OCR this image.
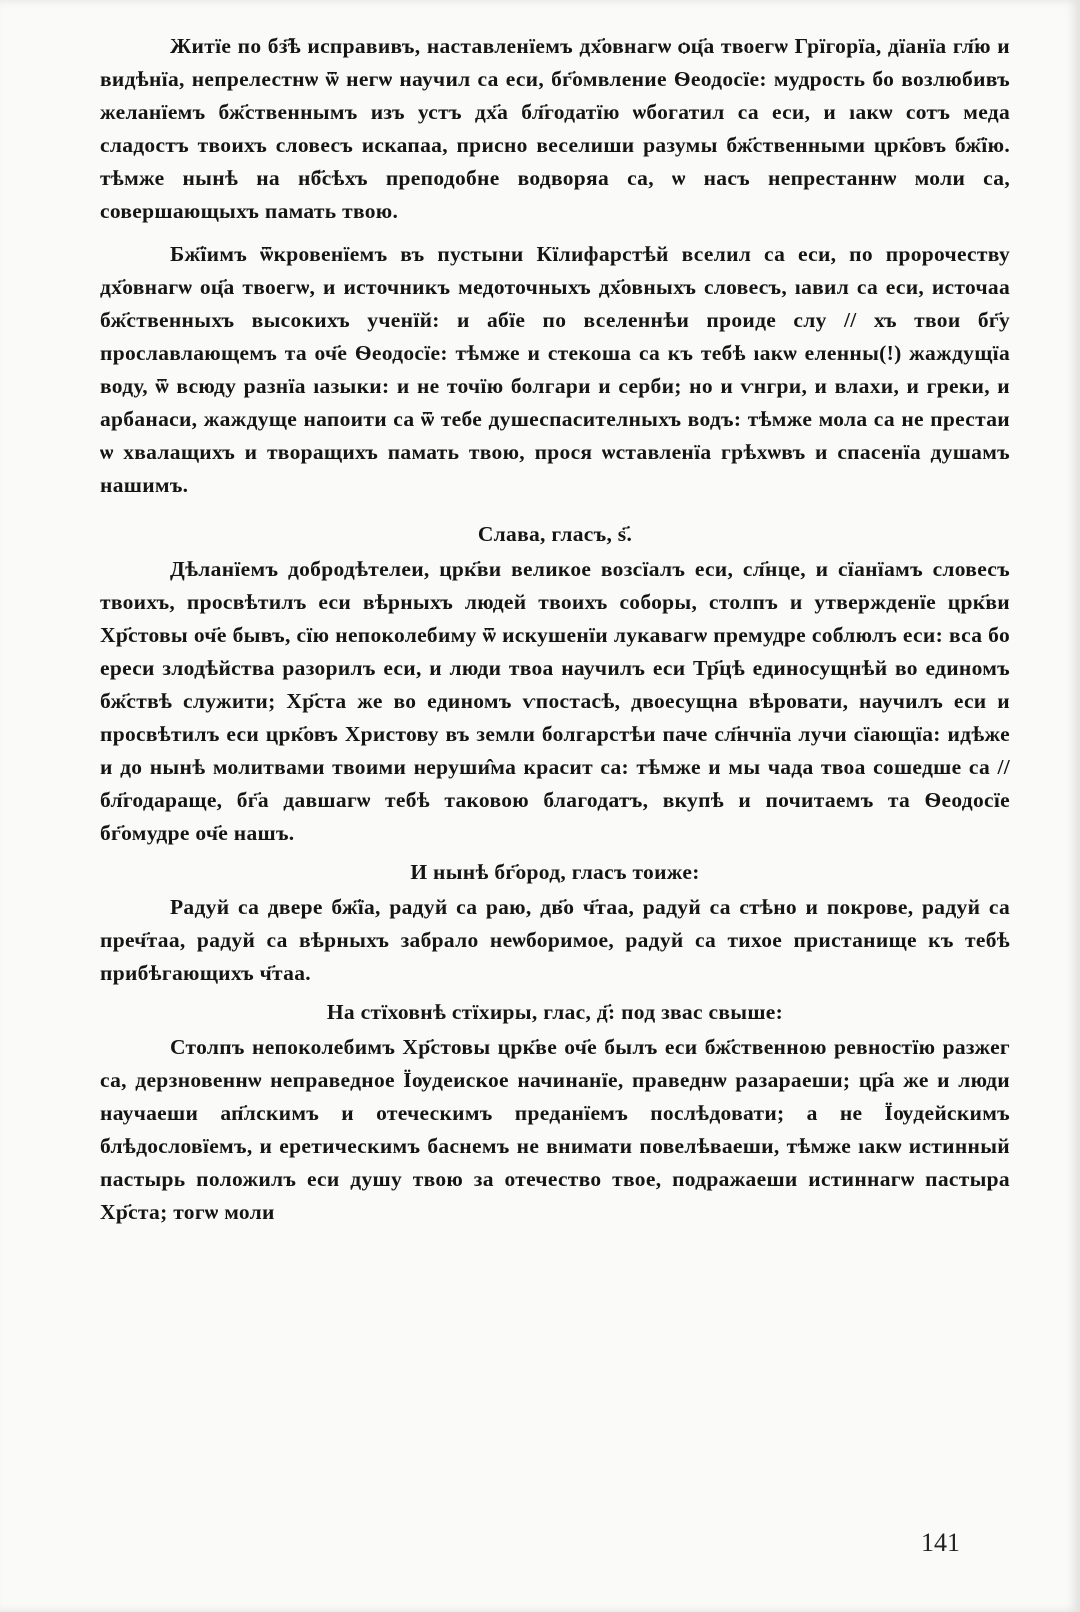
Житїе по бз҃ѣ исправивъ, наставленїемъ дх҃овнагѡ ѻц҃а твоегѡ Грїгорїа, дїанїа гл҃ю и видѣнїа, непрелестнѡ ѿ негѡ научил са еси, бг҃омвление Ѳеодосїе: мудрость бо возлюбивъ желанїемъ бж҃ственнымъ изъ устъ дх҃а бл҃годатїю ѡбогатил са еси, и ıакѡ сотъ меда сладостъ твоихъ словесъ искапаа, присно веселиши разумы бж҃ственными црк҃овъ бж҃їю. тѣмже нынѣ на нб҃сѣхъ преподобне водворяа са, ѡ насъ непрестаннѡ моли са, совершающыхъ памать твою.

Бж҃їимъ ѿкровенїемъ въ пустыни Кїлифарстѣй вселил са еси, по пророчеству дх҃овнагѡ оц҃а твоегѡ, и источникъ медоточныхъ дх҃овныхъ словесъ, ıавил са еси, источаа бж҃ственныхъ высокихъ ученїй: и абїе по вселеннѣи проиде слу // хъ твои бг҃у прославлающемъ та оч҃е Ѳеодосїе: тѣмже и стекоша са къ тебѣ ıакѡ еленны(!) жаждущїа воду, ѿ всюду разнїа ıазыки: и не точїю болгари и серби; но и ѵнгри, и влахи, и греки, и арбанаси, жаждуще напоити са ѿ тебе душеспасителныхъ водъ: тѣмже мола са не престаи ѡ хвалащихъ и творащихъ памать твою, прося ѡставленїа грѣхѡвъ и спасенїа душамъ нашимъ.

Слава, гласъ, ѕ҃.

Дѣланїемъ добродѣтелеи, црк҃ви великое возсїалъ еси, сл҃нце, и сїанїамъ словесъ твоихъ, просвѣтилъ еси вѣрныхъ людей твоихъ соборы, столпъ и утвержденїе црк҃ви Хр҃стовы оч҃е бывъ, сїю непоколебиму ѿ искушенїи лукавагѡ премудре соблюлъ еси: вса бо ереси злодѣйства разорилъ еси, и люди твоа научилъ еси Тр҃цѣ единосущнѣй во единомъ бж҃ствѣ служити; Хр҃ста же во единомъ ѵпостасѣ, двоесущна вѣровати, научилъ еси и просвѣтилъ еси црк҃овъ Христову въ земли болгарстѣи паче сл҃нчнїа лучи сїающїа: идѣже и до нынѣ молитвами твоими неруши̂ма красит са: тѣмже и мы чада твоа сошедше са // бл҃годараще, бг҃а давшагѡ тебѣ таковою благодатъ, вкупѣ и почитаемъ та Ѳеодосїе бг҃омудре оч҃е нашъ.

И нынѣ бг҃ород, гласъ тоиже:

Радуй са двере бж҃їа, радуй са раю, дв҃о ч҃таа, радуй са стѣно и покрове, радуй са преч҃таа, радуй са вѣрныхъ забрало неѡборимое, радуй са тихое пристанище къ тебѣ прибѣгающихъ ч҃таа.

На стїховнѣ стїхиры, глас, д҃: под звас свыше:

Столпъ непоколебимъ Хр҃стовы црк҃ве оч҃е былъ еси бж҃ственною ревностїю разжег са, дерзновеннѡ неправедное Їѹдеиское начинанїе, праведнѡ разараеши; цр҃а же и люди научаеши ап҃лскимъ и отеческимъ преданїемъ послѣдовати; а не Їѹдейскимъ блѣдословїемъ, и еретическимъ баснемъ не внимати повелѣваеши, тѣмже ıакѡ истинный пастырь положилъ еси душу твою за отечество твое, подражаеши истиннагѡ пастыра Хр҃ста; тогѡ моли

141
